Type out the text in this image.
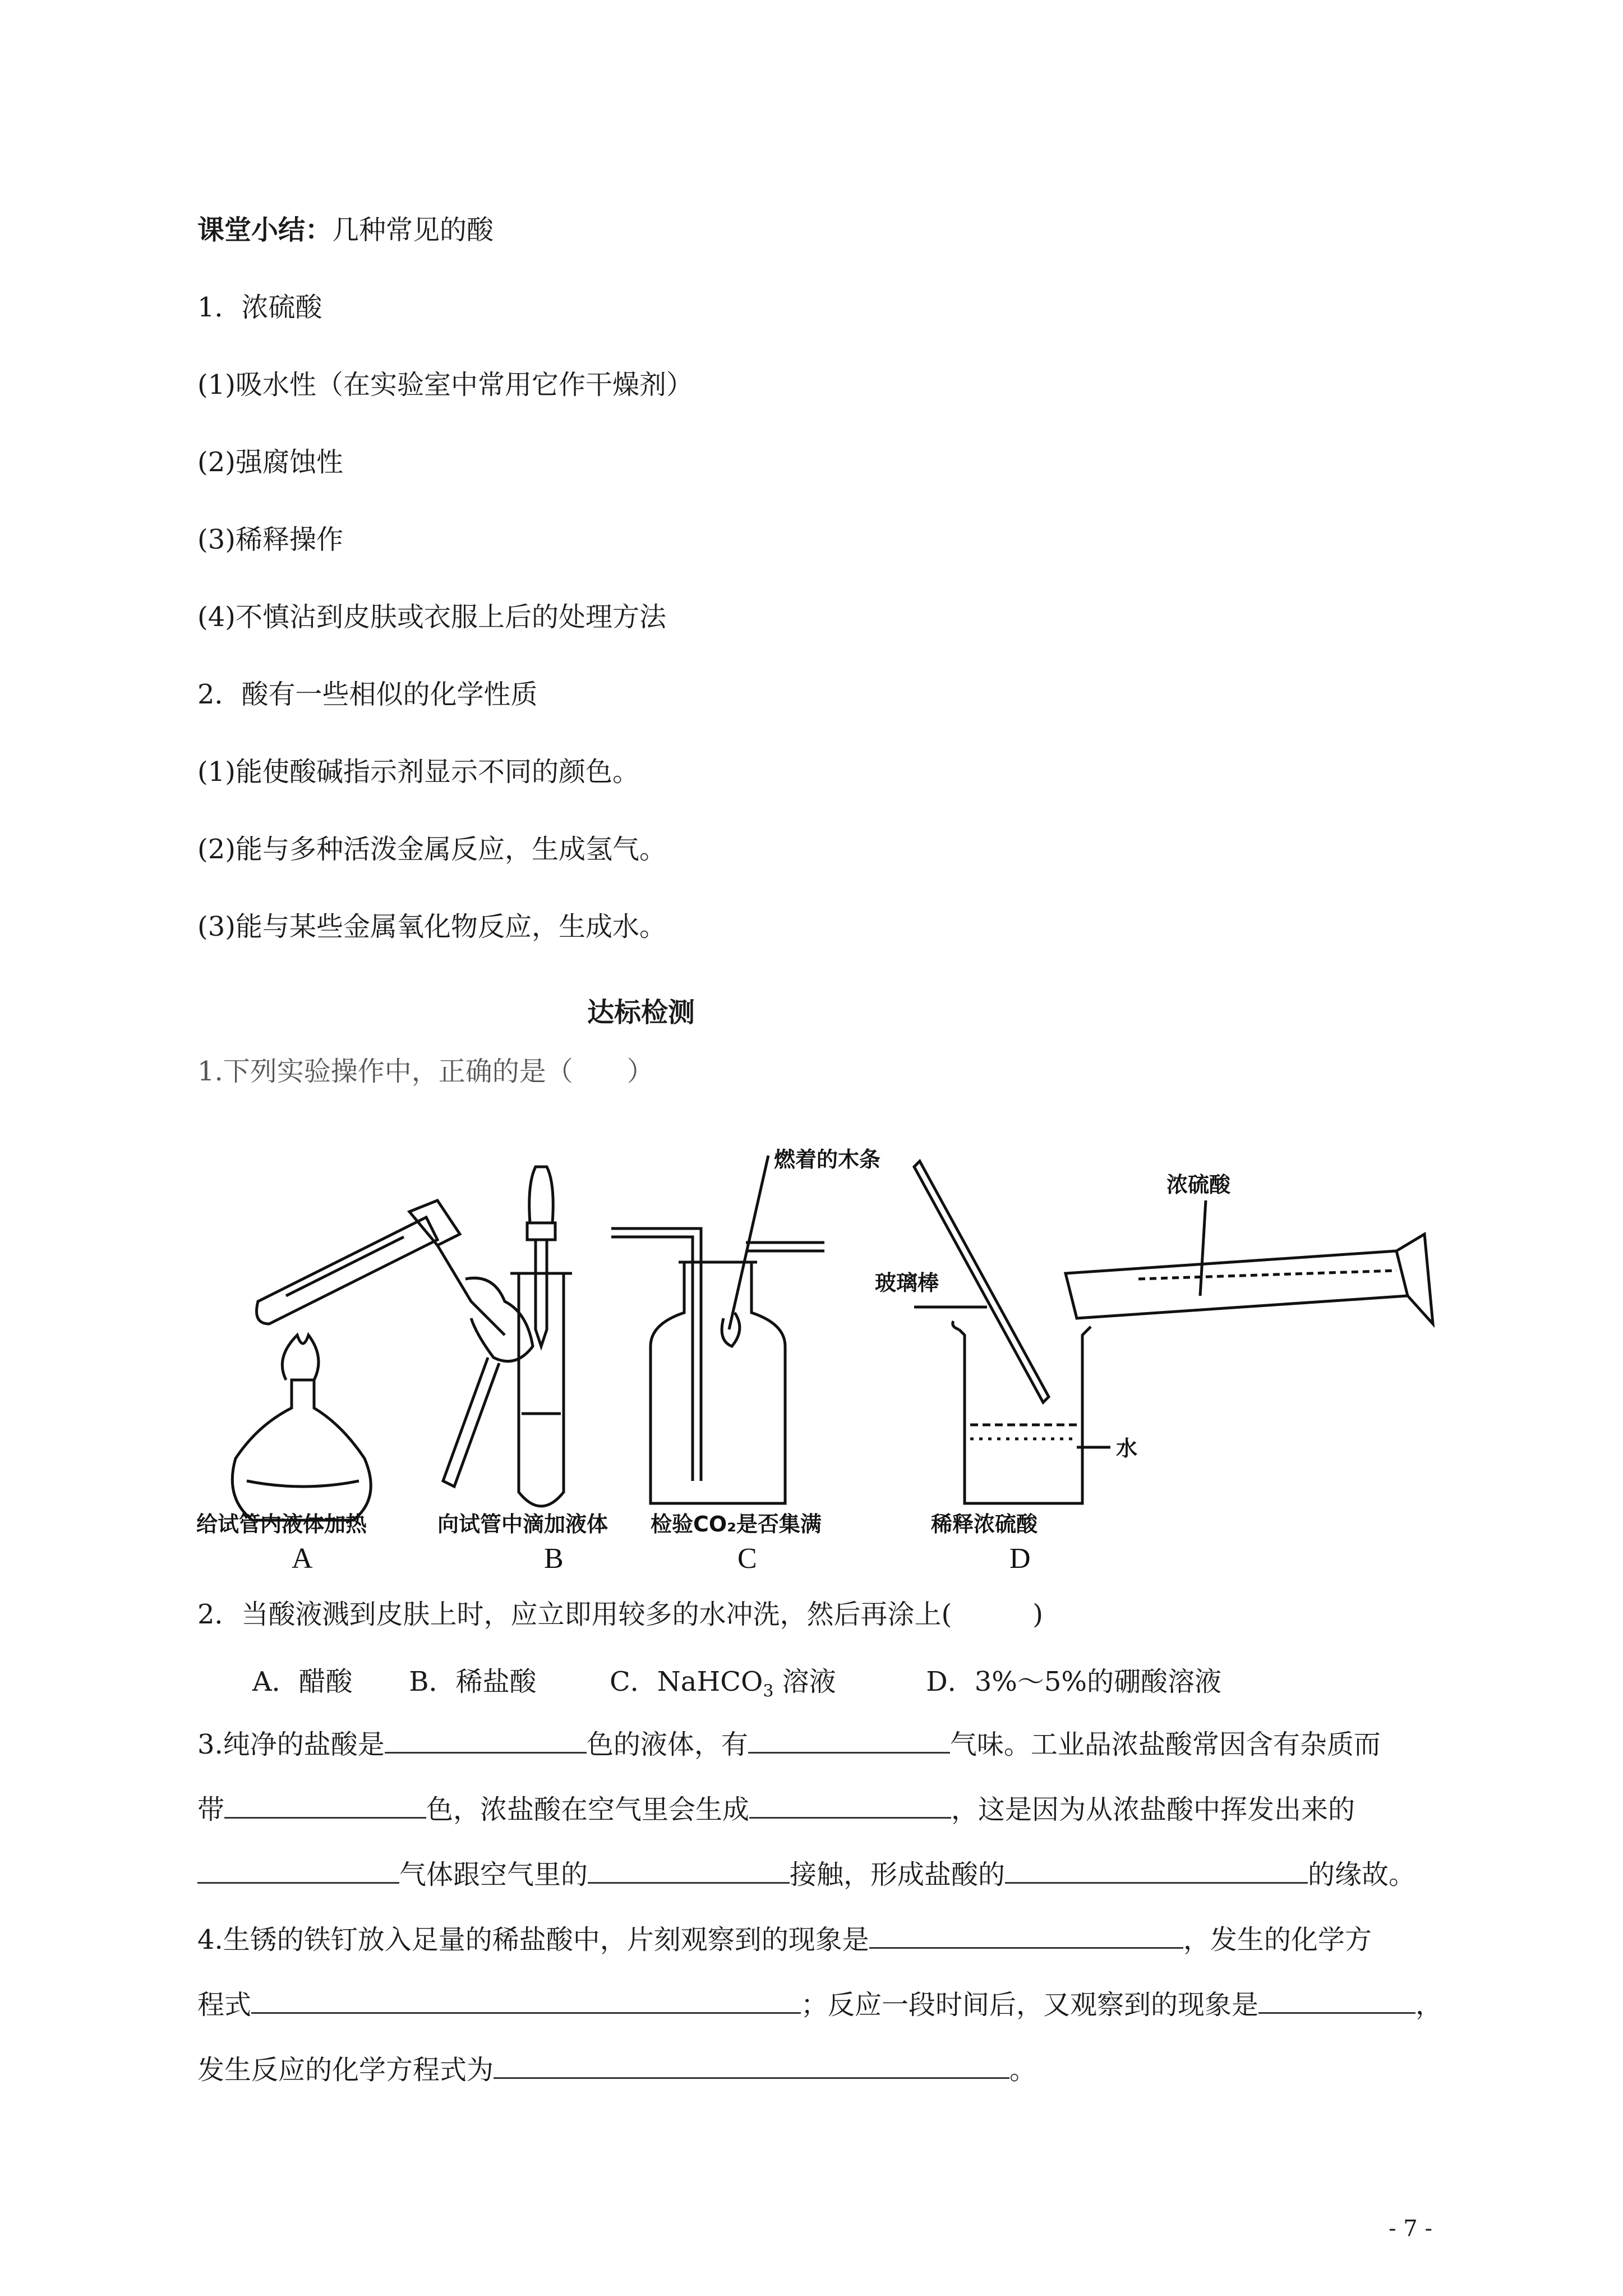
课堂小结：几种常见的酸
1．浓硫酸
(1)吸水性（在实验室中常用它作干燥剂）
(2)强腐蚀性
(3)稀释操作
(4)不慎沾到皮肤或衣服上后的处理方法
2．酸有一些相似的化学性质
(1)能使酸碱指示剂显示不同的颜色。
(2)能与多种活泼金属反应，生成氢气。
(3)能与某些金属氧化物反应，生成水。
达标检测
1.下列实验操作中，正确的是（　　）
燃着的木条
玻璃棒
浓硫酸
水
给试管内液体加热	向试管中滴加液体 检验CO₂是否集满	稀释浓硫酸
A	B	C	D
2．当酸液溅到皮肤上时，应立即用较多的水冲洗，然后再涂上(　　　)
A．醋酸 B．稀盐酸	C．NaHCO$_3$ 溶液	D．3%～5%的硼酸溶液
3.纯净的盐酸是	色的液体，有	气味。工业品浓盐酸常因含有杂质而
带	色，浓盐酸在空气里会生成	，这是因为从浓盐酸中挥发出来的
气体跟空气里的	接触，形成盐酸的	的缘故。
4.生锈的铁钉放入足量的稀盐酸中，片刻观察到的现象是	，发生的化学方
程式	；反应一段时间后，又观察到的现象是	，
发生反应的化学方程式为	。
- 7 -
